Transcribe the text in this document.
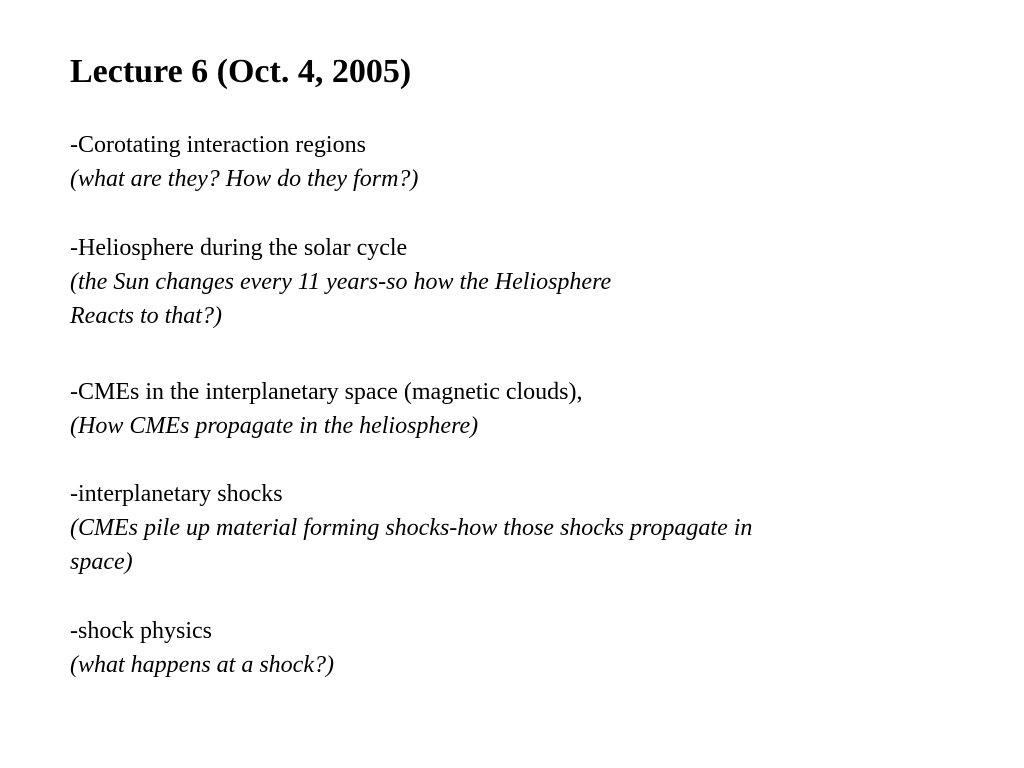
Lecture 6 (Oct. 4, 2005)
-Corotating interaction regions
(what are they? How do they form?)
-Heliosphere during the solar cycle
(the Sun changes every 11 years-so how the Heliosphere
Reacts to that?)
-CMEs in the interplanetary space (magnetic clouds),
(How CMEs propagate in the heliosphere)
-interplanetary shocks
(CMEs pile up material forming shocks-how those shocks propagate in
space)
-shock physics
(what happens at a shock?)
